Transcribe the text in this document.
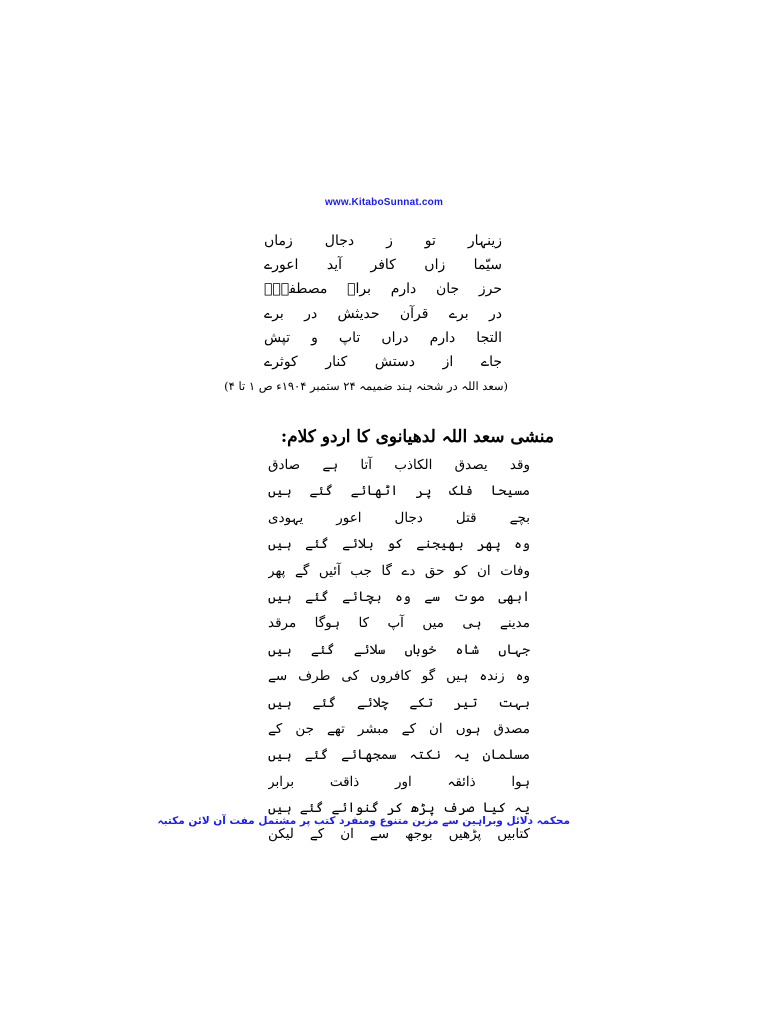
www.KitaboSunnat.com
زینہار تو ز دجال زماں
سیّما زاں کافر آید اعورے
حرز جان دارم براہ مصطفیٰؐ
در برے قرآن حدیثش در برے
التجا دارم دراں تاپ و تپش
جاے از دستش کنار کوثرے
(سعد اللہ در شحنہ ہند ضمیمہ ۲۴ ستمبر ۱۹۰۴ء ص ۱ تا ۴)
منشی سعد اللہ لدھیانوی کا اردو کلام:
وقد یصدق الکاذب آتا ہے صادق
مسیحا فلک پر اٹھائے گئے ہیں
بچے قتل دجال اعور یہودی
وہ پھر بھیجنے کو بلائے گئے ہیں
وفات ان کو حق دے گا جب آئیں گے پھر
ابھی موت سے وہ بچائے گئے ہیں
مدینے ہی میں آپ کا ہوگا مرقد
جہاں شاہ خوباں سلائے گئے ہیں
وہ زندہ ہیں گو کافروں کی طرف سے
بہت تیر تکے چلائے گئے ہیں
مصدق ہوں ان کے مبشر تھے جن کے
مسلمان یہ نکتہ سمجھائے گئے ہیں
ہوا ذائقہ اور ذاقت برابر
یہ کیا صرف پڑھ کر گنوائے گئے ہیں
کتابیں پڑھیں بوجھ سے ان کے لیکن
محکمہ دلائل وبراہین سے مزین متنوع ومنفرد کتب پر مشتمل مفت آن لائن مکتبہ
